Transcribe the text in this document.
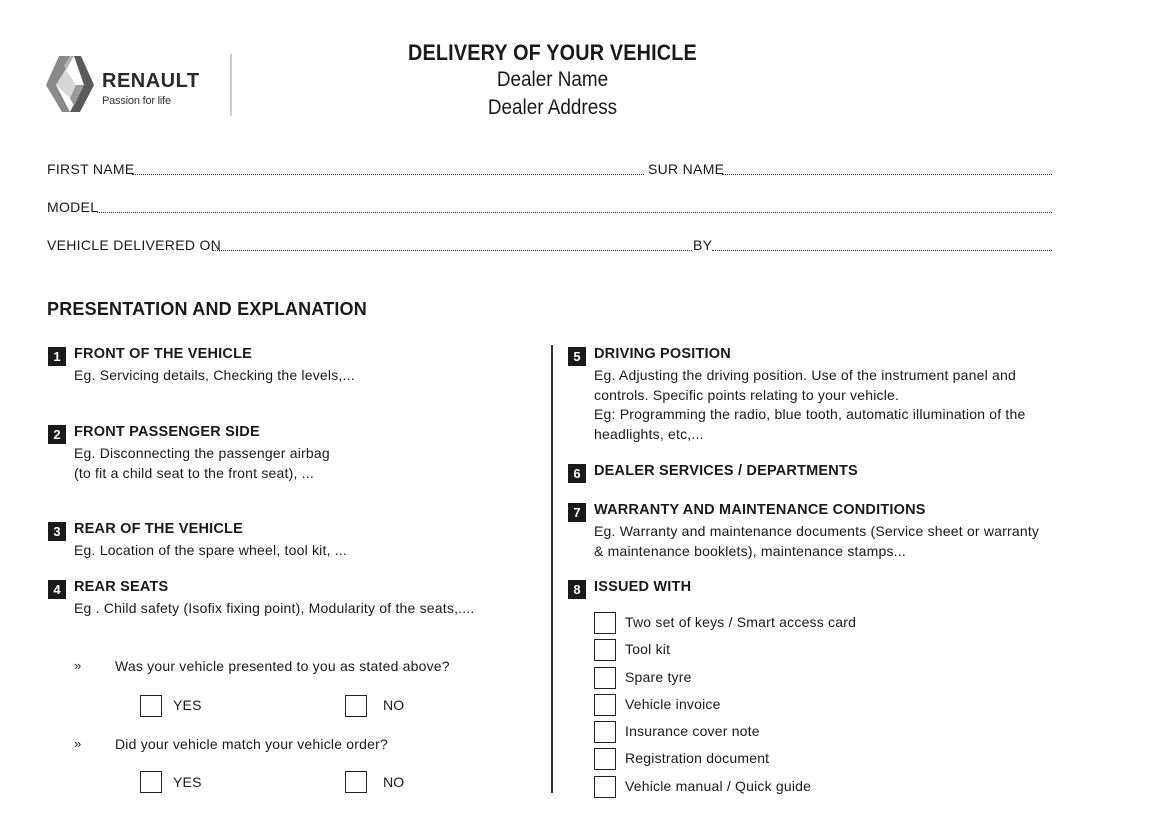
RENAULT
Passion for life
DELIVERY OF YOUR VEHICLE
Dealer Name
Dealer Address
FIRST NAME	SUR NAME
MODEL
VEHICLE DELIVERED ON	BY
PRESENTATION AND EXPLANATION
1 FRONT OF THE VEHICLE
Eg. Servicing details, Checking the levels,...
2 FRONT PASSENGER SIDE
Eg. Disconnecting the passenger airbag
(to fit a child seat to the front seat), ...
3 REAR OF THE VEHICLE
Eg. Location of the spare wheel, tool kit, ...
4 REAR SEATS
Eg . Child safety (Isofix fixing point), Modularity of the seats,....
» Was your vehicle presented to you as stated above?
YES	NO
» Did your vehicle match your vehicle order?
YES	NO
5 DRIVING POSITION
Eg. Adjusting the driving position. Use of the instrument panel and
controls. Specific points relating to your vehicle.
Eg: Programming the radio, blue tooth, automatic illumination of the
headlights, etc,...
6 DEALER SERVICES / DEPARTMENTS
7 WARRANTY AND MAINTENANCE CONDITIONS
Eg. Warranty and maintenance documents (Service sheet or warranty
& maintenance booklets), maintenance stamps...
8 ISSUED WITH
Two set of keys / Smart access card
Tool kit
Spare tyre
Vehicle invoice
Insurance cover note
Registration document
Vehicle manual / Quick guide
